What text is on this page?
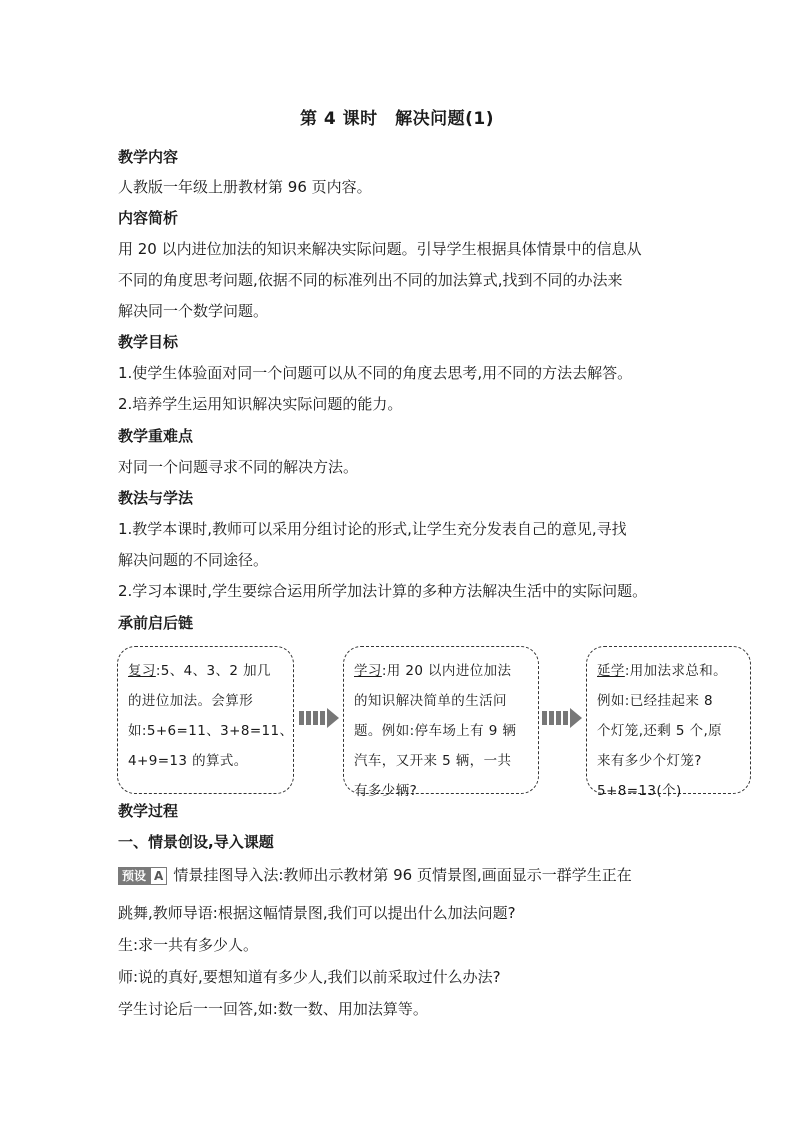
第 4 课时　解决问题(1)
教学内容
人教版一年级上册教材第 96 页内容。
内容简析
用 20 以内进位加法的知识来解决实际问题。引导学生根据具体情景中的信息从
不同的角度思考问题,依据不同的标准列出不同的加法算式,找到不同的办法来
解决同一个数学问题。
教学目标
1.使学生体验面对同一个问题可以从不同的角度去思考,用不同的方法去解答。
2.培养学生运用知识解决实际问题的能力。
教学重难点
对同一个问题寻求不同的解决方法。
教法与学法
1.教学本课时,教师可以采用分组讨论的形式,让学生充分发表自己的意见,寻找
解决问题的不同途径。
2.学习本课时,学生要综合运用所学加法计算的多种方法解决生活中的实际问题。
承前启后链
复习:5、4、3、2 加几
的进位加法。会算形
如:5+6=11、3+8=11、
4+9=13 的算式。
学习:用 20 以内进位加法
的知识解决简单的生活问
题。例如:停车场上有 9 辆
汽车，又开来 5 辆，一共
有多少辆?
延学:用加法求总和。
例如:已经挂起来 8
个灯笼,还剩 5 个,原
来有多少个灯笼?
5+8=13(个)
教学过程
一、情景创设,导入课题
预设 A 情景挂图导入法:教师出示教材第 96 页情景图,画面显示一群学生正在
跳舞,教师导语:根据这幅情景图,我们可以提出什么加法问题?
生:求一共有多少人。
师:说的真好,要想知道有多少人,我们以前采取过什么办法?
学生讨论后一一回答,如:数一数、用加法算等。
